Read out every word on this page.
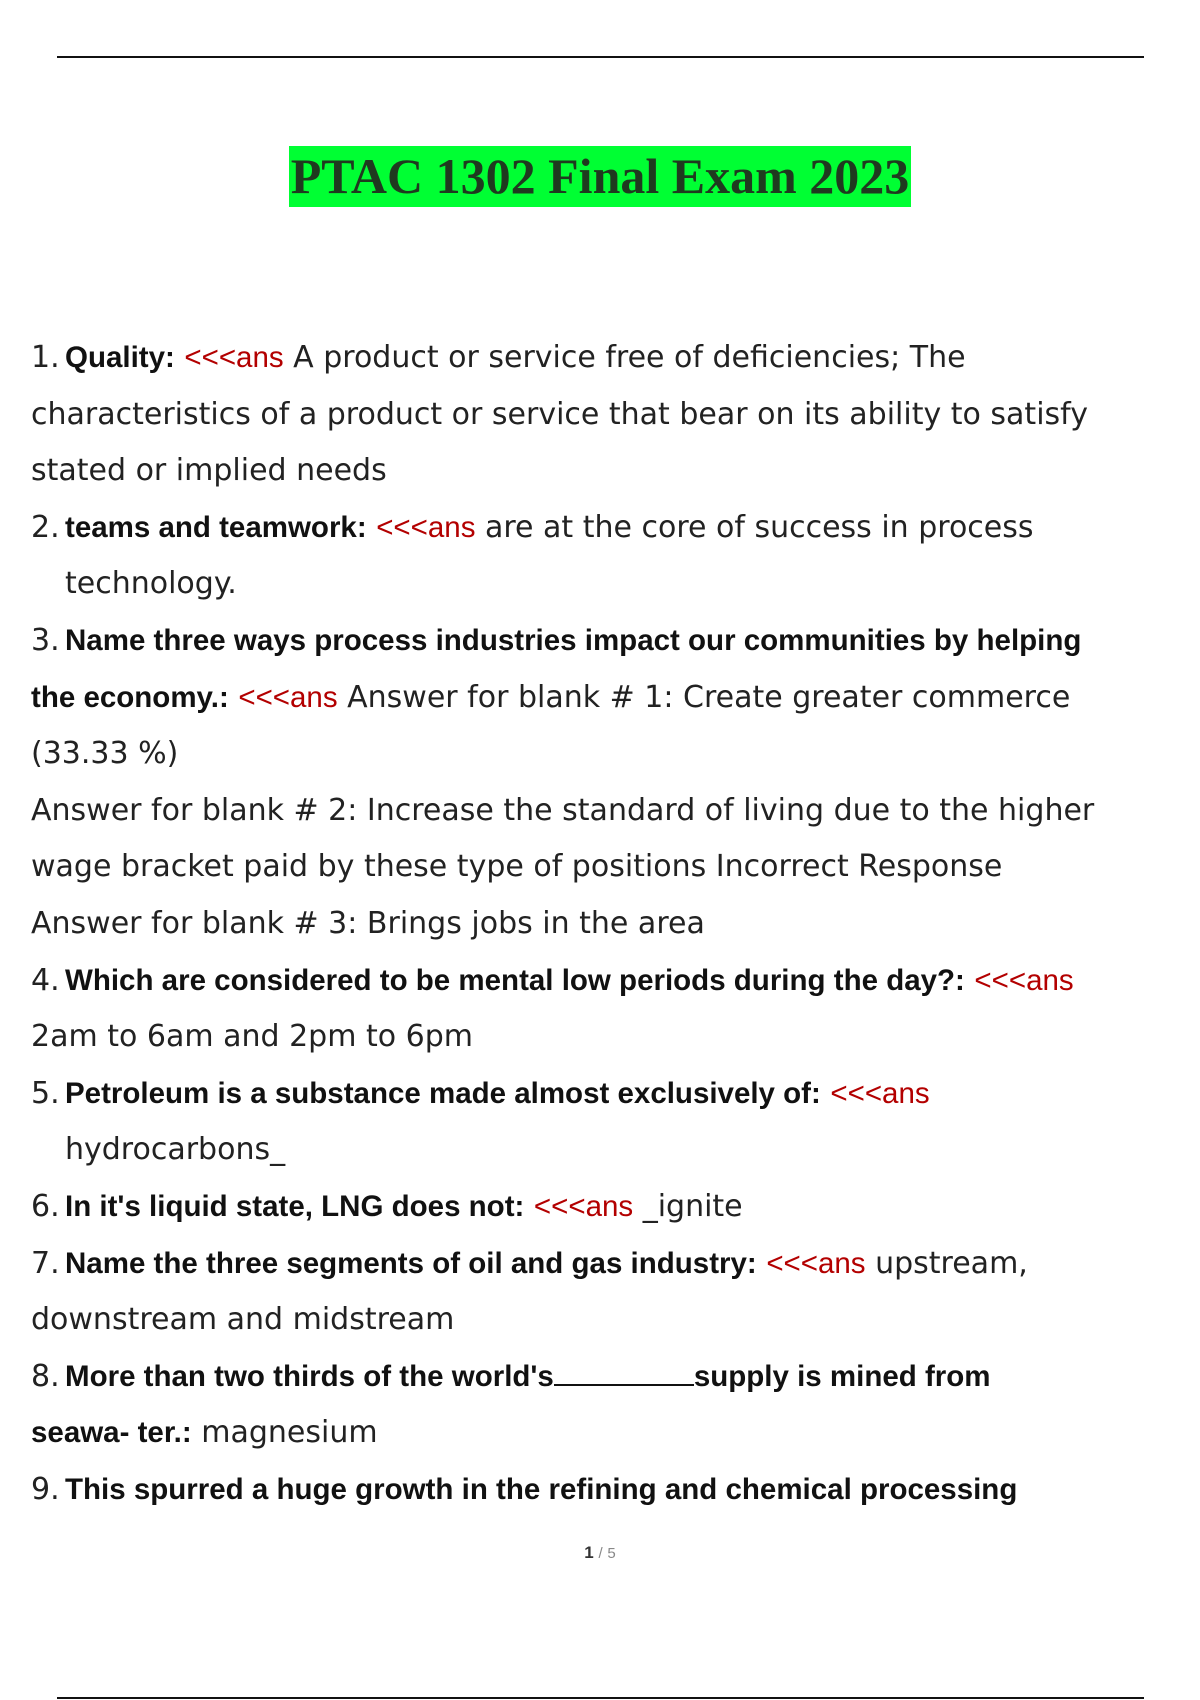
PTAC 1302 Final Exam 2023
1. Quality: <<<ans A product or service free of deficiencies; The
characteristics of a product or service that bear on its ability to satisfy
stated or implied needs
2. teams and teamwork: <<<ans are at the core of success in process
technology.
3. Name three ways process industries impact our communities by helping
the economy.: <<<ans Answer for blank # 1: Create greater commerce
(33.33 %)
Answer for blank # 2: Increase the standard of living due to the higher
wage bracket paid by these type of positions Incorrect Response
Answer for blank # 3: Brings jobs in the area
4. Which are considered to be mental low periods during the day?: <<<ans
2am to 6am and 2pm to 6pm
5. Petroleum is a substance made almost exclusively of: <<<ans
hydrocarbons_
6. In it's liquid state, LNG does not: <<<ans _ignite
7. Name the three segments of oil and gas industry: <<<ans upstream,
downstream and midstream
8. More than two thirds of the world's	supply is mined from
seawa- ter.: magnesium
9. This spurred a huge growth in the refining and chemical processing
1 / 5
